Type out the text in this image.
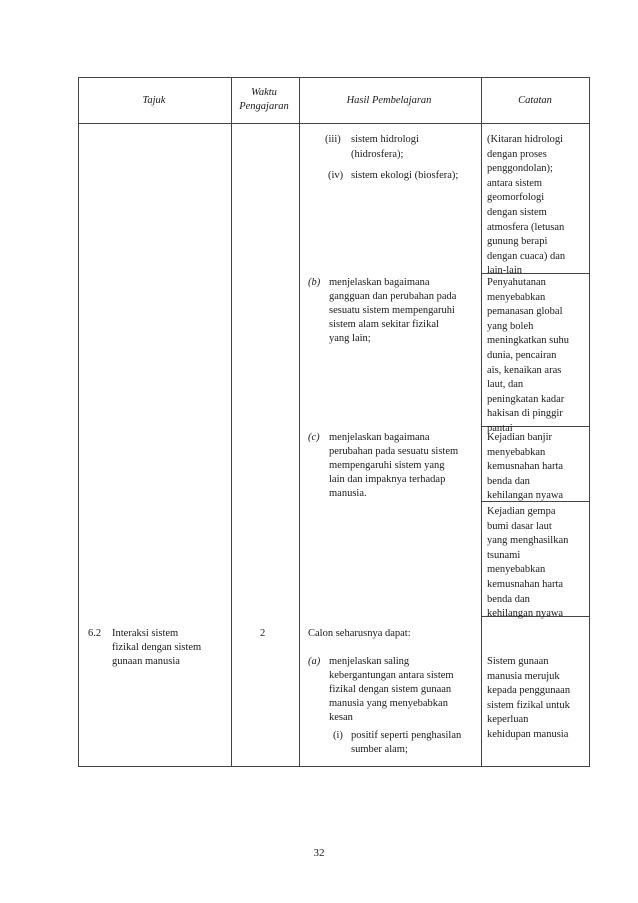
Tajuk
Waktu
Pengajaran
Hasil Pembelajaran	Catatan
(iii) sistem hidrologi
(hidrosfera);
(iv) sistem ekologi (biosfera);
(b) menjelaskan bagaimana
gangguan dan perubahan pada
sesuatu sistem mempengaruhi
sistem alam sekitar fizikal
yang lain;
(c) menjelaskan bagaimana
perubahan pada sesuatu sistem
mempengaruhi sistem yang
lain dan impaknya terhadap
manusia.
Calon seharusnya dapat:
(a) menjelaskan saling
kebergantungan antara sistem
fizikal dengan sistem gunaan
manusia yang menyebabkan
kesan
(i) positif seperti penghasilan
sumber alam;
(Kitaran hidrologi
dengan proses
penggondolan);
antara sistem
geomorfologi
dengan sistem
atmosfera (letusan
gunung berapi
dengan cuaca) dan
lain-lain
Penyahutanan
menyebabkan
pemanasan global
yang boleh
meningkatkan suhu
dunia, pencairan
ais, kenaikan aras
laut, dan
peningkatan kadar
hakisan di pinggir
pantai
Kejadian banjir
menyebabkan
kemusnahan harta
benda dan
kehilangan nyawa
Kejadian gempa
bumi dasar laut
yang menghasilkan
tsunami
menyebabkan
kemusnahan harta
benda dan
kehilangan nyawa
Sistem gunaan
manusia merujuk
kepada penggunaan
sistem fizikal untuk
keperluan
kehidupan manusia
6.2 Interaksi sistem
fizikal dengan sistem
gunaan manusia
2
32
